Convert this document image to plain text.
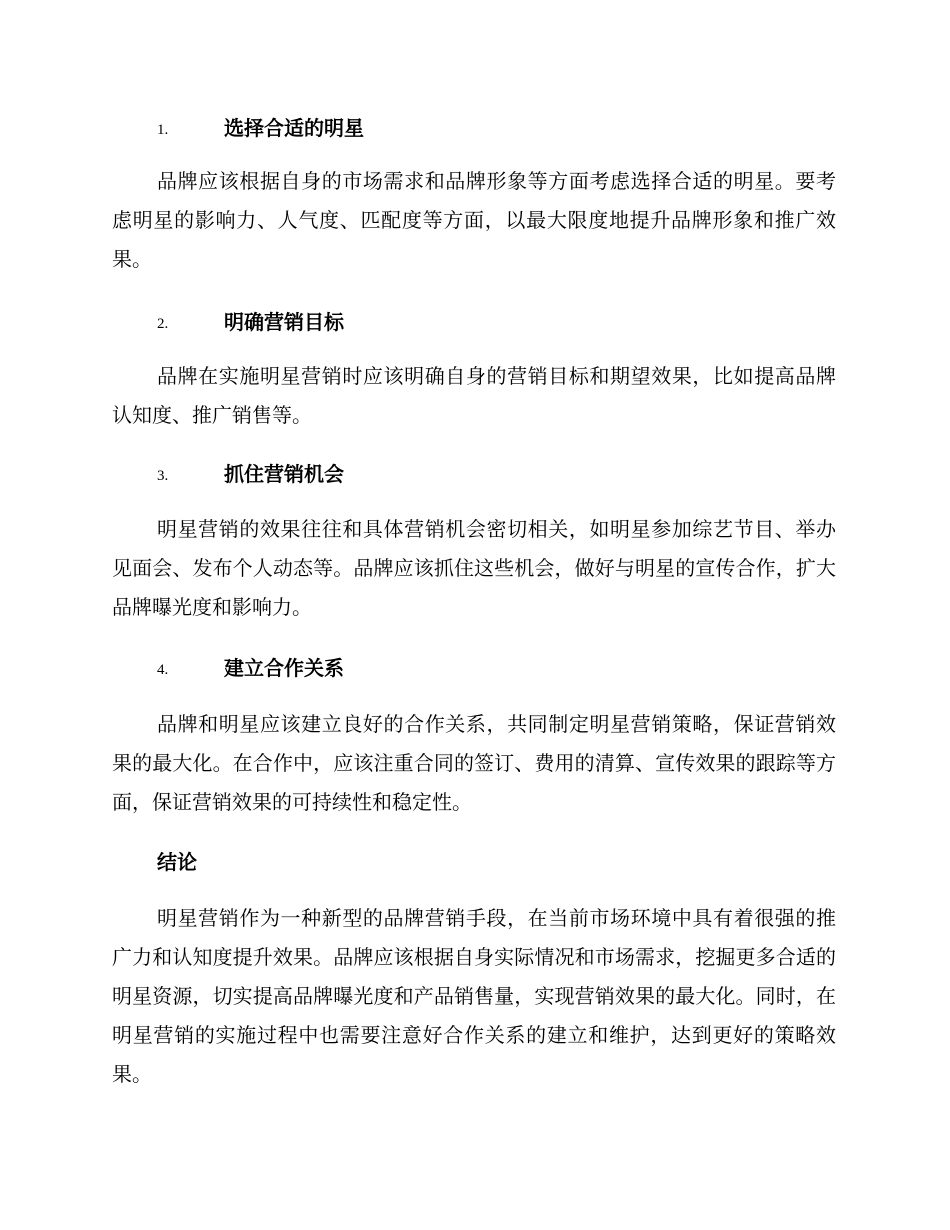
1.	选择合适的明星

品牌应该根据自身的市场需求和品牌形象等方面考虑选择合适的明星。要考虑明星的影响力、人气度、匹配度等方面，以最大限度地提升品牌形象和推广效果。

2.	明确营销目标

品牌在实施明星营销时应该明确自身的营销目标和期望效果，比如提高品牌认知度、推广销售等。

3.	抓住营销机会

明星营销的效果往往和具体营销机会密切相关，如明星参加综艺节目、举办见面会、发布个人动态等。品牌应该抓住这些机会，做好与明星的宣传合作，扩大品牌曝光度和影响力。

4.	建立合作关系

品牌和明星应该建立良好的合作关系，共同制定明星营销策略，保证营销效果的最大化。在合作中，应该注重合同的签订、费用的清算、宣传效果的跟踪等方面，保证营销效果的可持续性和稳定性。

结论

明星营销作为一种新型的品牌营销手段，在当前市场环境中具有着很强的推广力和认知度提升效果。品牌应该根据自身实际情况和市场需求，挖掘更多合适的明星资源，切实提高品牌曝光度和产品销售量，实现营销效果的最大化。同时，在明星营销的实施过程中也需要注意好合作关系的建立和维护，达到更好的策略效果。
